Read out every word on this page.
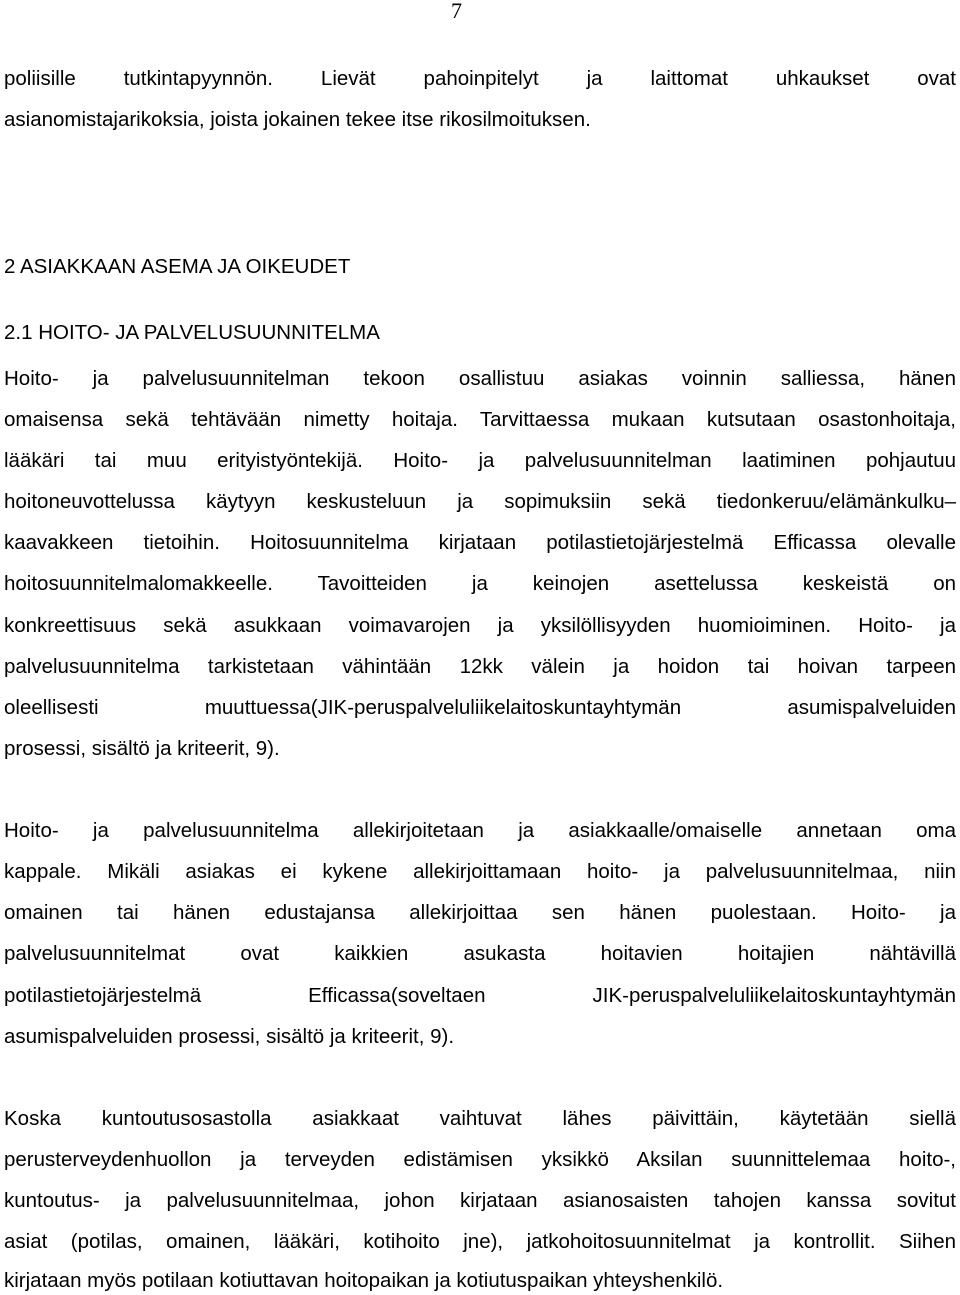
7
poliisille tutkintapyynnön. Lievät pahoinpitelyt ja laittomat uhkaukset ovat
asianomistajarikoksia, joista jokainen tekee itse rikosilmoituksen.
2 ASIAKKAAN ASEMA JA OIKEUDET
2.1 HOITO- JA PALVELUSUUNNITELMA
Hoito- ja palvelusuunnitelman tekoon osallistuu asiakas voinnin salliessa, hänen
omaisensa sekä tehtävään nimetty hoitaja. Tarvittaessa mukaan kutsutaan osastonhoitaja,
lääkäri tai muu erityistyöntekijä. Hoito- ja palvelusuunnitelman laatiminen pohjautuu
hoitoneuvottelussa käytyyn keskusteluun ja sopimuksiin sekä tiedonkeruu/elämänkulku–
kaavakkeen tietoihin. Hoitosuunnitelma kirjataan potilastietojärjestelmä Efficassa olevalle
hoitosuunnitelmalomakkeelle. Tavoitteiden ja keinojen asettelussa keskeistä on
konkreettisuus sekä asukkaan voimavarojen ja yksilöllisyyden huomioiminen. Hoito- ja
palvelusuunnitelma tarkistetaan vähintään 12kk välein ja hoidon tai hoivan tarpeen
oleellisesti muuttuessa(JIK-peruspalveluliikelaitoskuntayhtymän asumispalveluiden
prosessi, sisältö ja kriteerit, 9).
Hoito- ja palvelusuunnitelma allekirjoitetaan ja asiakkaalle/omaiselle annetaan oma
kappale. Mikäli asiakas ei kykene allekirjoittamaan hoito- ja palvelusuunnitelmaa, niin
omainen tai hänen edustajansa allekirjoittaa sen hänen puolestaan. Hoito- ja
palvelusuunnitelmat ovat kaikkien asukasta hoitavien hoitajien nähtävillä
potilastietojärjestelmä Efficassa(soveltaen JIK-peruspalveluliikelaitoskuntayhtymän
asumispalveluiden prosessi, sisältö ja kriteerit, 9).
Koska kuntoutusosastolla asiakkaat vaihtuvat lähes päivittäin, käytetään siellä
perusterveydenhuollon ja terveyden edistämisen yksikkö Aksilan suunnittelemaa hoito-,
kuntoutus- ja palvelusuunnitelmaa, johon kirjataan asianosaisten tahojen kanssa sovitut
asiat (potilas, omainen, lääkäri, kotihoito jne), jatkohoitosuunnitelmat ja kontrollit. Siihen
kirjataan myös potilaan kotiuttavan hoitopaikan ja kotiutuspaikan yhteyshenkilö.
